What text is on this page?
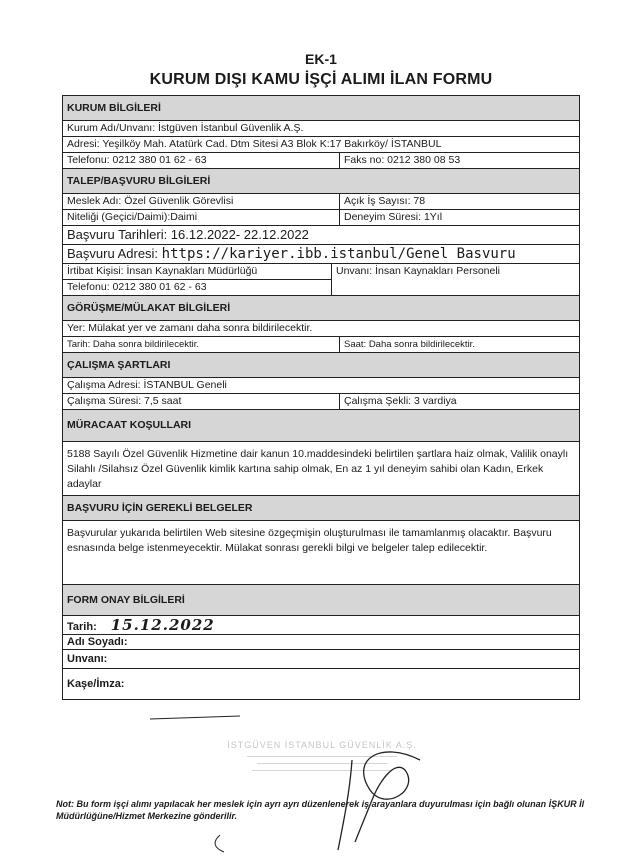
EK-1
KURUM DIŞI KAMU İŞÇİ ALIMI İLAN FORMU
KURUM BİLGİLERİ
Kurum Adı/Unvanı: İstgüven İstanbul Güvenlik A.Ş.
Adresi: Yeşilköy Mah. Atatürk Cad. Dtm Sitesi A3 Blok K:17 Bakırköy/ İSTANBUL
Telefonu: 0212 380 01 62 - 63	Faks no: 0212 380 08 53
TALEP/BAŞVURU BİLGİLERİ
Meslek Adı: Özel Güvenlik Görevlisi	Açık İş Sayısı: 78
Niteliği (Geçici/Daimi):Daimi	Deneyim Süresi: 1Yıl
Başvuru Tarihleri: 16.12.2022- 22.12.2022
Başvuru Adresi: https://kariyer.ibb.istanbul/Genel Basvuru
İrtibat Kişisi: İnsan Kaynakları Müdürlüğü
Telefonu: 0212 380 01 62 - 63
Unvanı: İnsan Kaynakları Personeli
GÖRÜŞME/MÜLAKAT BİLGİLERİ
Yer: Mülakat yer ve zamanı daha sonra bildirilecektir.
Tarih: Daha sonra bildirilecektir.	Saat: Daha sonra bildirilecektir.
ÇALIŞMA ŞARTLARI
Çalışma Adresi: İSTANBUL Geneli
Çalışma Süresi: 7,5 saat	Çalışma Şekli: 3 vardiya
MÜRACAAT KOŞULLARI
5188 Sayılı Özel Güvenlik Hizmetine dair kanun 10.maddesindeki belirtilen şartlara haiz olmak, Valilik onaylı Silahlı /Silahsız Özel Güvenlik kimlik kartına sahip olmak, En az 1 yıl deneyim sahibi olan Kadın, Erkek adaylar
BAŞVURU İÇİN GEREKLİ BELGELER
Başvurular yukarıda belirtilen Web sitesine özgeçmişin oluşturulması ile tamamlanmış olacaktır. Başvuru esnasında belge istenmeyecektir. Mülakat sonrası gerekli bilgi ve belgeler talep edilecektir.
FORM ONAY BİLGİLERİ
Tarih: 15.12.2022
Adı Soyadı:
Unvanı:
Kaşe/İmza:
İSTGÜVEN İSTANBUL GÜVENLİK A.Ş.
Not: Bu form işçi alımı yapılacak her meslek için ayrı ayrı düzenlenerek iş arayanlara duyurulması için bağlı olunan İŞKUR İl Müdürlüğüne/Hizmet Merkezine gönderilir.
